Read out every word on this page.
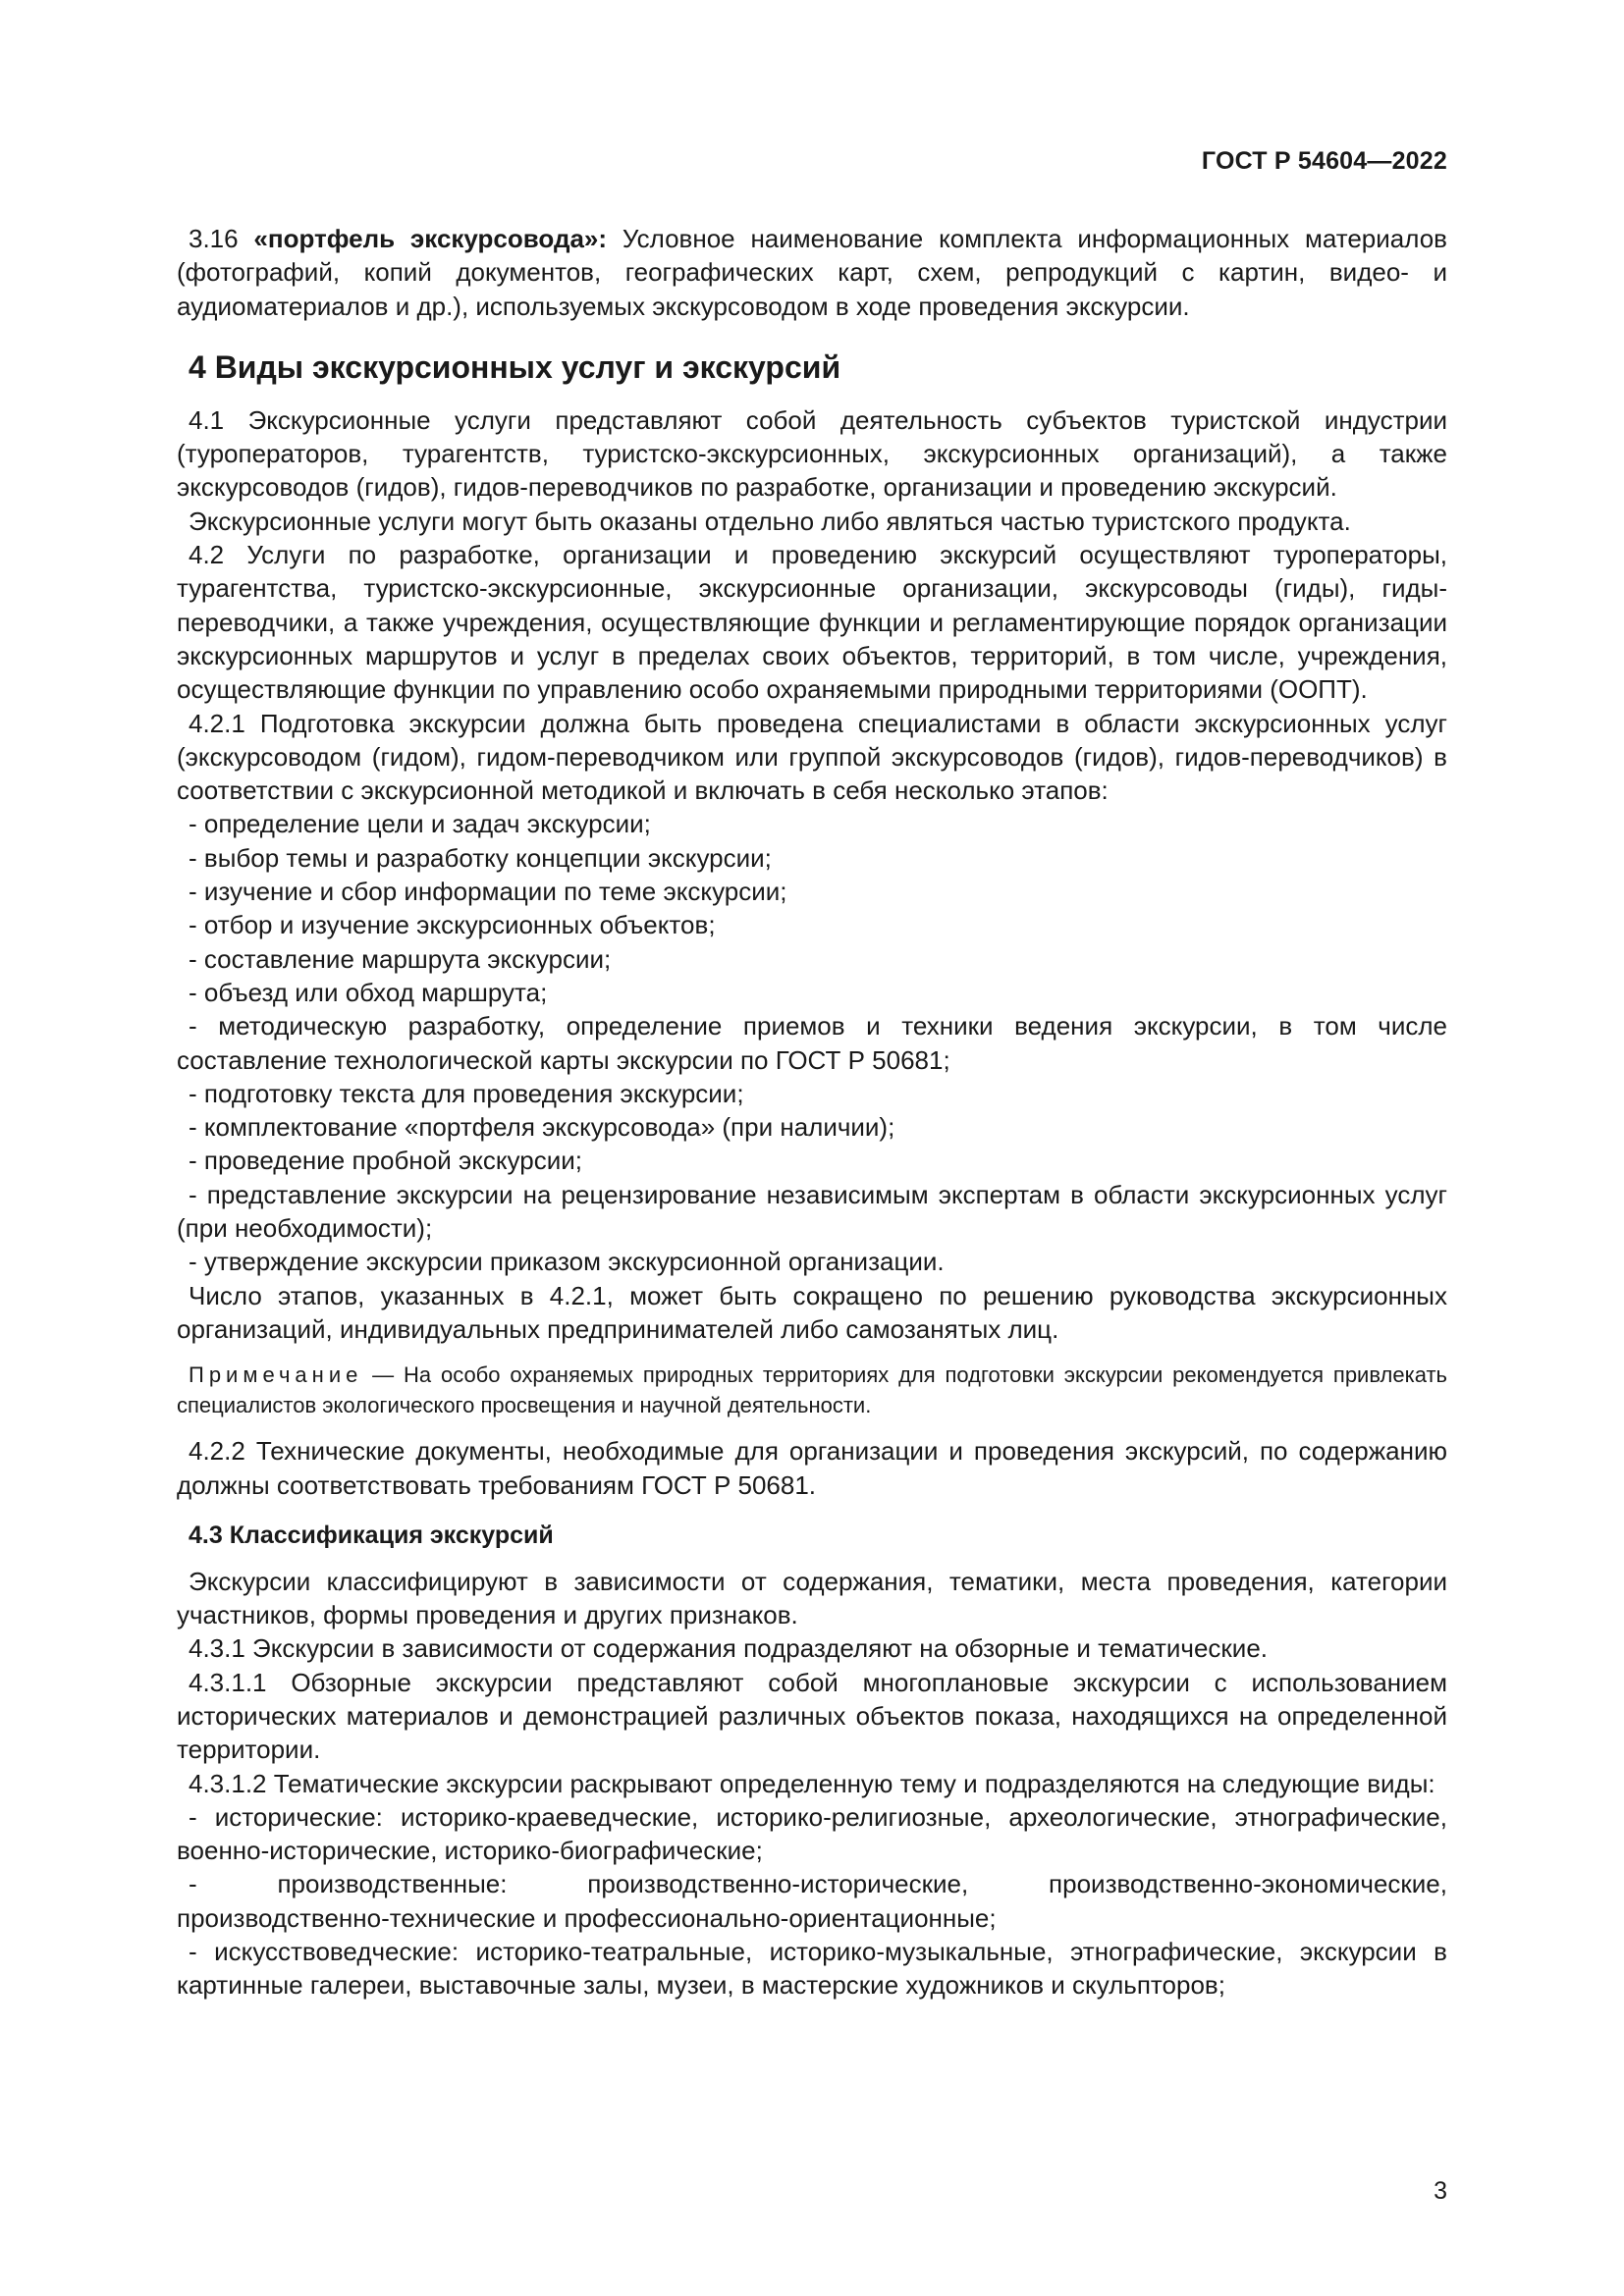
ГОСТ Р 54604—2022

3.16 «портфель экскурсовода»: Условное наименование комплекта информационных материалов (фотографий, копий документов, географических карт, схем, репродукций с картин, видео- и аудиоматериалов и др.), используемых экскурсоводом в ходе проведения экскурсии.

4 Виды экскурсионных услуг и экскурсий

4.1 Экскурсионные услуги представляют собой деятельность субъектов туристской индустрии (туроператоров, турагентств, туристско-экскурсионных, экскурсионных организаций), а также экскурсоводов (гидов), гидов-переводчиков по разработке, организации и проведению экскурсий.

Экскурсионные услуги могут быть оказаны отдельно либо являться частью туристского продукта.

4.2 Услуги по разработке, организации и проведению экскурсий осуществляют туроператоры, турагентства, туристско-экскурсионные, экскурсионные организации, экскурсоводы (гиды), гиды-переводчики, а также учреждения, осуществляющие функции и регламентирующие порядок организации экскурсионных маршрутов и услуг в пределах своих объектов, территорий, в том числе, учреждения, осуществляющие функции по управлению особо охраняемыми природными территориями (ООПТ).

4.2.1 Подготовка экскурсии должна быть проведена специалистами в области экскурсионных услуг (экскурсоводом (гидом), гидом-переводчиком или группой экскурсоводов (гидов), гидов-переводчиков) в соответствии с экскурсионной методикой и включать в себя несколько этапов:

- определение цели и задач экскурсии;

- выбор темы и разработку концепции экскурсии;

- изучение и сбор информации по теме экскурсии;

- отбор и изучение экскурсионных объектов;

- составление маршрута экскурсии;

- объезд или обход маршрута;

- методическую разработку, определение приемов и техники ведения экскурсии, в том числе составление технологической карты экскурсии по ГОСТ Р 50681;

- подготовку текста для проведения экскурсии;

- комплектование «портфеля экскурсовода» (при наличии);

- проведение пробной экскурсии;

- представление экскурсии на рецензирование независимым экспертам в области экскурсионных услуг (при необходимости);

- утверждение экскурсии приказом экскурсионной организации.

Число этапов, указанных в 4.2.1, может быть сокращено по решению руководства экскурсионных организаций, индивидуальных предпринимателей либо самозанятых лиц.

Примечание — На особо охраняемых природных территориях для подготовки экскурсии рекомендуется привлекать специалистов экологического просвещения и научной деятельности.

4.2.2 Технические документы, необходимые для организации и проведения экскурсий, по содержанию должны соответствовать требованиям ГОСТ Р 50681.

4.3 Классификация экскурсий

Экскурсии классифицируют в зависимости от содержания, тематики, места проведения, категории участников, формы проведения и других признаков.

4.3.1 Экскурсии в зависимости от содержания подразделяют на обзорные и тематические.

4.3.1.1 Обзорные экскурсии представляют собой многоплановые экскурсии с использованием исторических материалов и демонстрацией различных объектов показа, находящихся на определенной территории.

4.3.1.2 Тематические экскурсии раскрывают определенную тему и подразделяются на следующие виды:

- исторические: историко-краеведческие, историко-религиозные, археологические, этнографические, военно-исторические, историко-биографические;

- производственные: производственно-исторические, производственно-экономические, производственно-технические и профессионально-ориентационные;

- искусствоведческие: историко-театральные, историко-музыкальные, этнографические, экскурсии в картинные галереи, выставочные залы, музеи, в мастерские художников и скульпторов;

3
